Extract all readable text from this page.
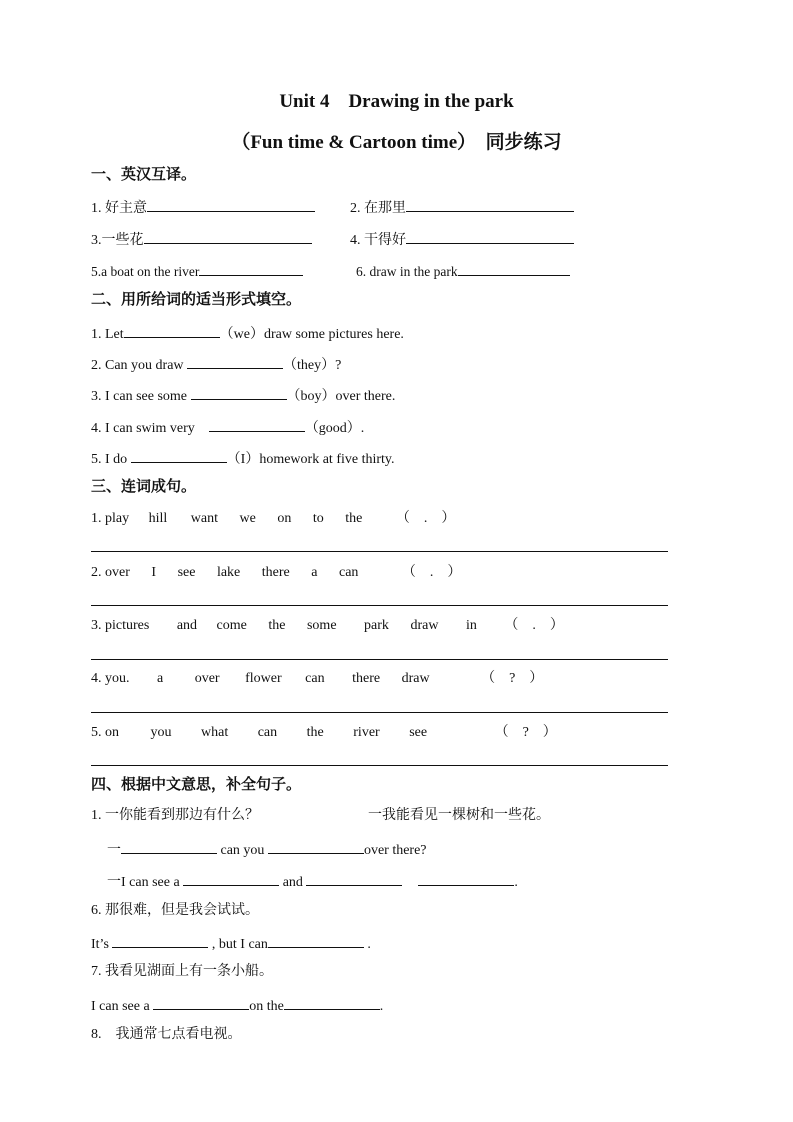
Unit 4　Drawing in the park
（Fun time & Cartoon time）　同步练习
一、英汉互译。
1. 好主意	2. 在那里
3.一些花	4. 干得好
5.a boat on the river	6. draw in the park
二、用所给词的适当形式填空。
1. Let	（we）draw some pictures here.
2. Can you draw	（they）?
3. I can see some	（boy）over there.
4. I can swim very　	（good）.
5. I do	（I）homework at five thirty.
三、连词成句。
1. play hill want we on to the （　.　）
2. over I see lake there a can	（　.　）
3. pictures and come the some park draw in （　.　）
4. you. a over flower can there draw	（　?　）
5. on you what can the river see	（　?　）
四、根据中文意思，补全句子。
1. 一你能看到那边有什么？	一我能看见一棵树和一些花。
一	can you	over there?
一I can see a	and	.
6. 那很难，但是我会试试。
It’s	, but I can	.
7. 我看见湖面上有一条小船。
I can see a	on the	.
8.　我通常七点看电视。
